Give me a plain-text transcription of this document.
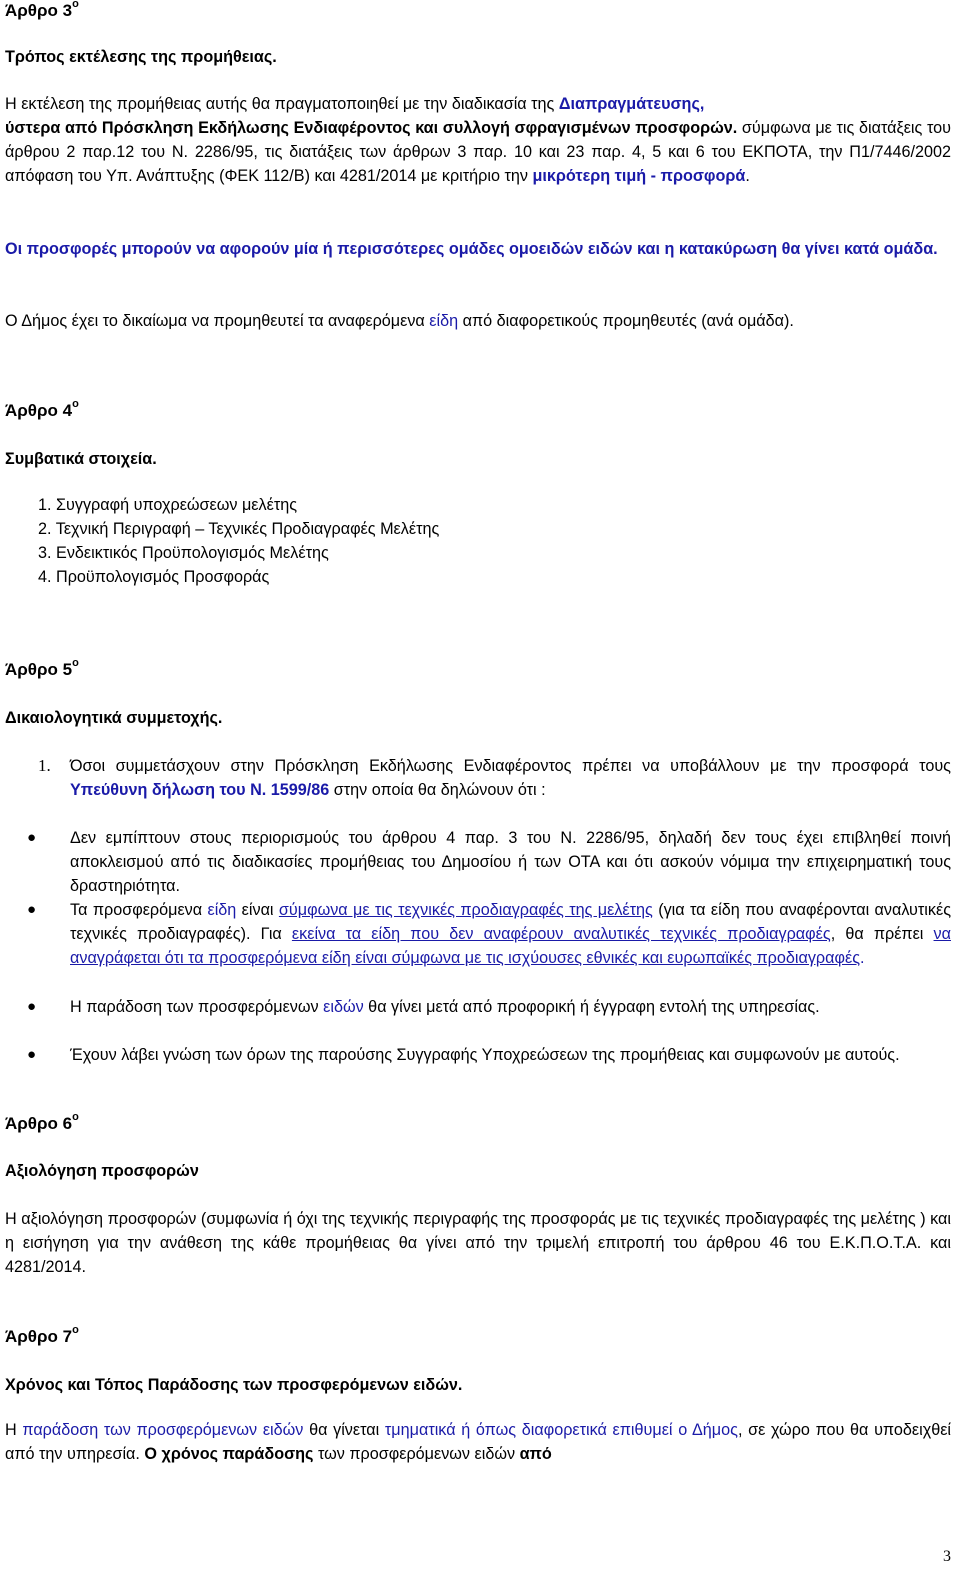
Άρθρο $3^o$
Τρόπος εκτέλεσης της προμήθειας.

Η εκτέλεση της προμήθειας αυτής θα πραγματοποιηθεί με την διαδικασία της Διαπραγμάτευσης,
ύστερα από Πρόσκληση Εκδήλωσης Ενδιαφέροντος και συλλογή σφραγισμένων προσφορών. σύμφωνα με τις διατάξεις του άρθρου 2 παρ.12 του Ν. 2286/95, τις διατάξεις των άρθρων 3 παρ. 10 και 23 παρ. 4, 5 και 6 του ΕΚΠΟΤΑ, την Π1/7446/2002 απόφαση του Υπ. Ανάπτυξης (ΦΕΚ 112/Β) και 4281/2014 με κριτήριο την μικρότερη τιμή - προσφορά.

Οι προσφορές μπορούν να αφορούν μία ή περισσότερες ομάδες ομοειδών ειδών και η κατακύρωση θα γίνει κατά ομάδα.

Ο Δήμος έχει το δικαίωμα να προμηθευτεί τα αναφερόμενα είδη από διαφορετικούς προμηθευτές (ανά ομάδα).

Άρθρο $4^o$
Συμβατικά στοιχεία.
1. Συγγραφή υποχρεώσεων μελέτης
2. Τεχνική Περιγραφή – Τεχνικές Προδιαγραφές Μελέτης
3. Ενδεικτικός Προϋπολογισμός Μελέτης
4. Προϋπολογισμός Προσφοράς
Άρθρο $5^o$
Δικαιολογητικά συμμετοχής.
1. Όσοι συμμετάσχουν στην Πρόσκληση Εκδήλωσης Ενδιαφέροντος πρέπει να υποβάλλουν με την προσφορά τους Υπεύθυνη δήλωση του Ν. 1599/86 στην οποία θα δηλώνουν ότι :

● Δεν εμπίπτουν στους περιορισμούς του άρθρου 4 παρ. 3 του Ν. 2286/95, δηλαδή δεν τους έχει επιβληθεί ποινή αποκλεισμού από τις διαδικασίες προμήθειας του Δημοσίου ή των ΟΤΑ και ότι ασκούν νόμιμα την επιχειρηματική τους δραστηριότητα.

● Τα προσφερόμενα είδη είναι σύμφωνα με τις τεχνικές προδιαγραφές της μελέτης (για τα είδη που αναφέρονται αναλυτικές τεχνικές προδιαγραφές). Για εκείνα τα είδη που δεν αναφέρουν αναλυτικές τεχνικές προδιαγραφές, θα πρέπει να αναγράφεται ότι τα προσφερόμενα είδη είναι σύμφωνα με τις ισχύουσες εθνικές και ευρωπαϊκές προδιαγραφές.

● Η παράδοση των προσφερόμενων ειδών θα γίνει μετά από προφορική ή έγγραφη εντολή της υπηρεσίας.

● Έχουν λάβει γνώση των όρων της παρούσης Συγγραφής Υποχρεώσεων της προμήθειας και συμφωνούν με αυτούς.

Άρθρο $6^o$
Αξιολόγηση προσφορών

Η αξιολόγηση προσφορών (συμφωνία ή όχι της τεχνικής περιγραφής της προσφοράς με τις τεχνικές προδιαγραφές της μελέτης ) και η εισήγηση για την ανάθεση της κάθε προμήθειας θα γίνει από την τριμελή επιτροπή του άρθρου 46 του Ε.Κ.Π.Ο.Τ.Α. και 4281/2014.

Άρθρο $7^o$
Χρόνος και Τόπος Παράδοσης των προσφερόμενων ειδών.

Η παράδοση των προσφερόμενων ειδών θα γίνεται τμηματικά ή όπως διαφορετικά επιθυμεί ο Δήμος, σε χώρο που θα υποδειχθεί από την υπηρεσία. Ο χρόνος παράδοσης των προσφερόμενων ειδών από

3
